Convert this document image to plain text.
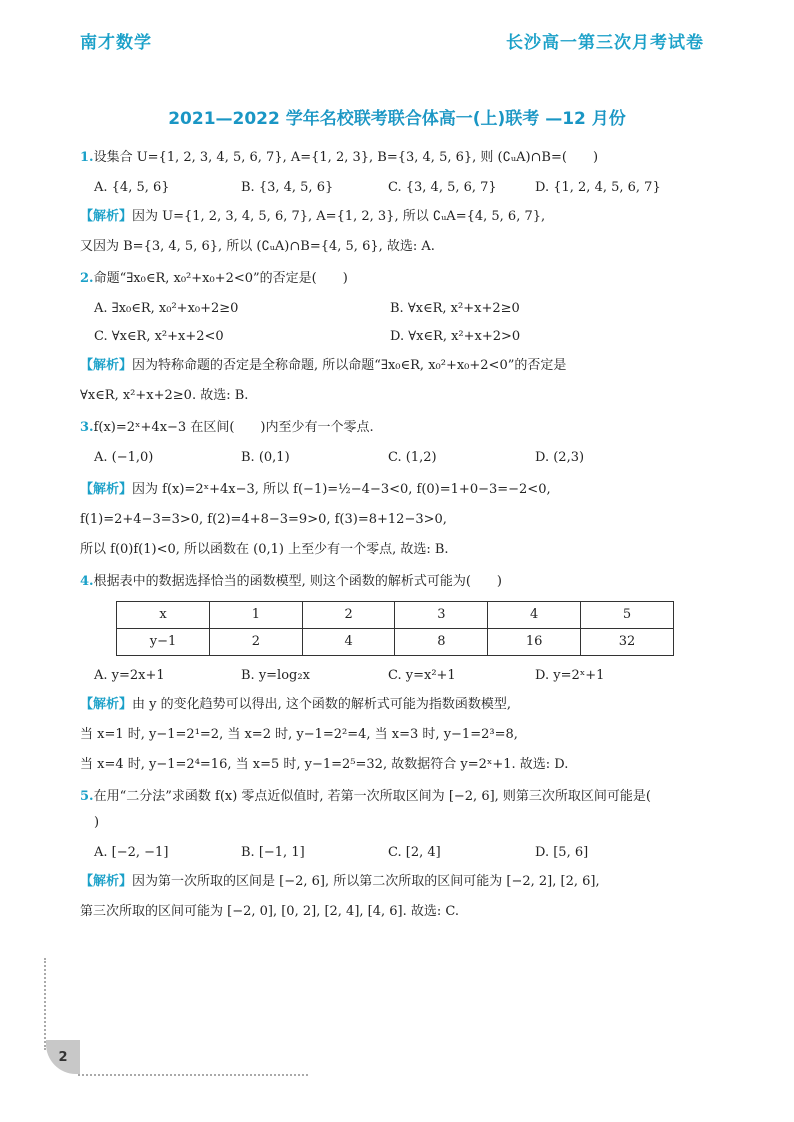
南才数学	长沙高一第三次月考试卷
2021—2022 学年名校联考联合体高一(上)联考 —12 月份

1.设集合 U={1, 2, 3, 4, 5, 6, 7}, A={1, 2, 3}, B={3, 4, 5, 6}, 则 (∁ᵤA)∩B=(　　)

A. {4, 5, 6}	B. {3, 4, 5, 6}	C. {3, 4, 5, 6, 7}	D. {1, 2, 4, 5, 6, 7}

【解析】因为 U={1, 2, 3, 4, 5, 6, 7}, A={1, 2, 3}, 所以 ∁ᵤA={4, 5, 6, 7},

又因为 B={3, 4, 5, 6}, 所以 (∁ᵤA)∩B={4, 5, 6}, 故选: A.

2.命题“∃x₀∈R, x₀²+x₀+2<0”的否定是(　　)

A. ∃x₀∈R, x₀²+x₀+2≥0	B. ∀x∈R, x²+x+2≥0
C. ∀x∈R, x²+x+2<0	D. ∀x∈R, x²+x+2>0

【解析】因为特称命题的否定是全称命题, 所以命题“∃x₀∈R, x₀²+x₀+2<0”的否定是

∀x∈R, x²+x+2≥0. 故选: B.

3.f(x)=2ˣ+4x−3 在区间(　　)内至少有一个零点.

A. (−1,0)	B. (0,1)	C. (1,2)	D. (2,3)

【解析】因为 f(x)=2ˣ+4x−3, 所以 f(−1)=½−4−3<0, f(0)=1+0−3=−2<0,

f(1)=2+4−3=3>0, f(2)=4+8−3=9>0, f(3)=8+12−3>0,

所以 f(0)f(1)<0, 所以函数在 (0,1) 上至少有一个零点, 故选: B.

4.根据表中的数据选择恰当的函数模型, 则这个函数的解析式可能为(　　)

x	1	2	3	4	5
y−1	2	4	8	16	32
A. y=2x+1	B. y=log₂x	C. y=x²+1	D. y=2ˣ+1

【解析】由 y 的变化趋势可以得出, 这个函数的解析式可能为指数函数模型,

当 x=1 时, y−1=2¹=2, 当 x=2 时, y−1=2²=4, 当 x=3 时, y−1=2³=8,

当 x=4 时, y−1=2⁴=16, 当 x=5 时, y−1=2⁵=32, 故数据符合 y=2ˣ+1. 故选: D.

5.在用“二分法”求函数 f(x) 零点近似值时, 若第一次所取区间为 [−2, 6], 则第三次所取区间可能是(

)

A. [−2, −1]	B. [−1, 1]	C. [2, 4]	D. [5, 6]

【解析】因为第一次所取的区间是 [−2, 6], 所以第二次所取的区间可能为 [−2, 2], [2, 6],

第三次所取的区间可能为 [−2, 0], [0, 2], [2, 4], [4, 6]. 故选: C.

2
